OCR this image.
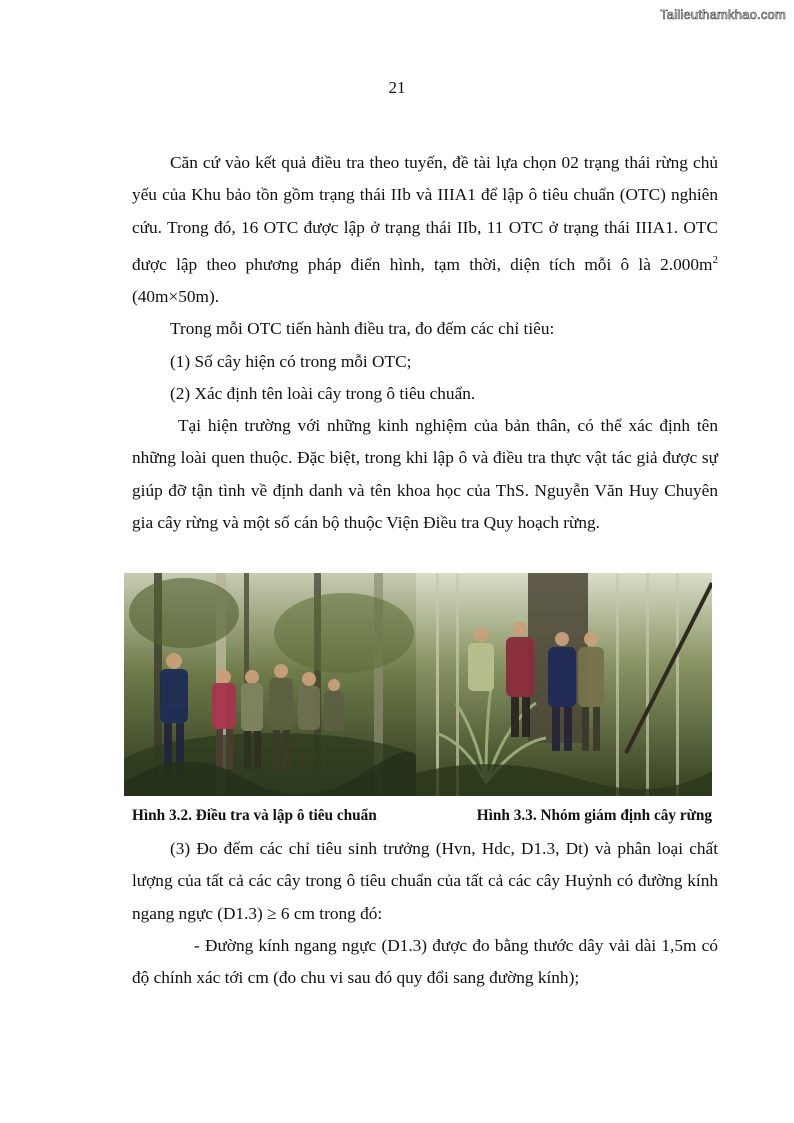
Tailieuthamkhao.com
21

Căn cứ vào kết quả điều tra theo tuyến, đề tài lựa chọn 02 trạng thái rừng chủ yếu của Khu bảo tồn gồm trạng thái IIb và IIIA1 để lập ô tiêu chuẩn (OTC) nghiên cứu. Trong đó, 16 OTC được lập ở trạng thái IIb, 11 OTC ở trạng thái IIIA1. OTC được lập theo phương pháp điển hình, tạm thời, diện tích mỗi ô là $2.000m^2$ (40m×50m).

Trong mỗi OTC tiến hành điều tra, đo đếm các chỉ tiêu:

(1) Số cây hiện có trong mỗi OTC;

(2) Xác định tên loài cây trong ô tiêu chuẩn.

Tại hiện trường với những kinh nghiệm của bản thân, có thể xác định tên những loài quen thuộc. Đặc biệt, trong khi lập ô và điều tra thực vật tác giả được sự giúp đỡ tận tình về định danh và tên khoa học của ThS. Nguyễn Văn Huy Chuyên gia cây rừng và một số cán bộ thuộc Viện Điều tra Quy hoạch rừng.

Hình 3.2. Điều tra và lập ô tiêu chuẩn	Hình 3.3. Nhóm giám định cây rừng

(3) Đo đếm các chỉ tiêu sinh trưởng (Hvn, Hdc, D1.3, Dt) và phân loại chất lượng của tất cả các cây trong ô tiêu chuẩn của tất cả các cây Huỷnh có đường kính ngang ngực (D1.3) ≥ 6 cm trong đó:

- Đường kính ngang ngực (D1.3) được đo bằng thước dây vải dài 1,5m có độ chính xác tới cm (đo chu vi sau đó quy đổi sang đường kính);
